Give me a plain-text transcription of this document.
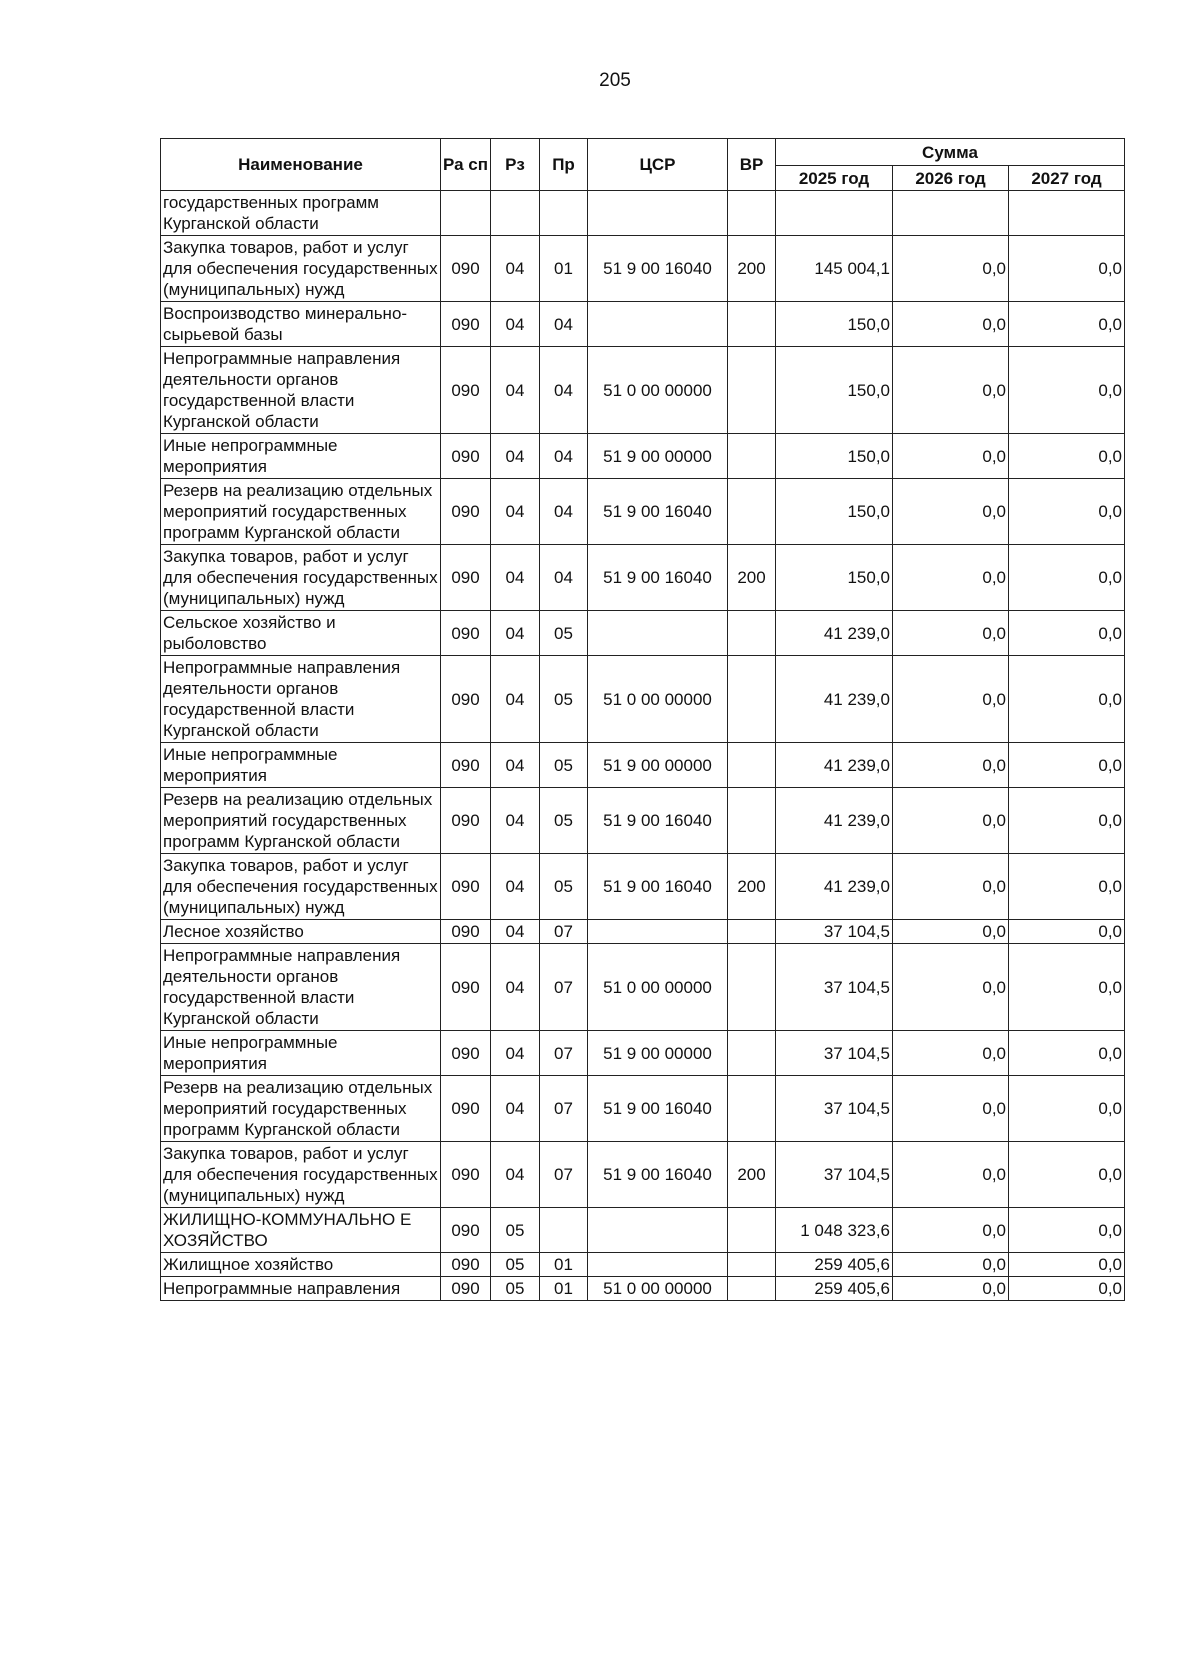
205
Наименование	Ра сп	Рз	Пр	ЦСР	ВР	Сумма		
						2025 год	2026 год	2027 год
государственных программ Курганской области								
Закупка товаров, работ и услуг для обеспечения государственных (муниципальных) нужд	090	04	01	51 9 00 16040	200	145 004,1	0,0	0,0
Воспроизводство минерально-сырьевой базы	090	04	04			150,0	0,0	0,0
Непрограммные направления деятельности органов государственной власти Курганской области	090	04	04	51 0 00 00000		150,0	0,0	0,0
Иные непрограммные мероприятия	090	04	04	51 9 00 00000		150,0	0,0	0,0
Резерв на реализацию отдельных мероприятий государственных программ Курганской области	090	04	04	51 9 00 16040		150,0	0,0	0,0
Закупка товаров, работ и услуг для обеспечения государственных (муниципальных) нужд	090	04	04	51 9 00 16040	200	150,0	0,0	0,0
Сельское хозяйство и рыболовство	090	04	05			41 239,0	0,0	0,0
Непрограммные направления деятельности органов государственной власти Курганской области	090	04	05	51 0 00 00000		41 239,0	0,0	0,0
Иные непрограммные мероприятия	090	04	05	51 9 00 00000		41 239,0	0,0	0,0
Резерв на реализацию отдельных мероприятий государственных программ Курганской области	090	04	05	51 9 00 16040		41 239,0	0,0	0,0
Закупка товаров, работ и услуг для обеспечения государственных (муниципальных) нужд	090	04	05	51 9 00 16040	200	41 239,0	0,0	0,0
Лесное хозяйство	090	04	07			37 104,5	0,0	0,0
Непрограммные направления деятельности органов государственной власти Курганской области	090	04	07	51 0 00 00000		37 104,5	0,0	0,0
Иные непрограммные мероприятия	090	04	07	51 9 00 00000		37 104,5	0,0	0,0
Резерв на реализацию отдельных мероприятий государственных программ Курганской области	090	04	07	51 9 00 16040		37 104,5	0,0	0,0
Закупка товаров, работ и услуг для обеспечения государственных (муниципальных) нужд	090	04	07	51 9 00 16040	200	37 104,5	0,0	0,0
ЖИЛИЩНО-КОММУНАЛЬНО Е ХОЗЯЙСТВО	090	05				1 048 323,6	0,0	0,0
Жилищное хозяйство	090	05	01			259 405,6	0,0	0,0
Непрограммные направления	090	05	01	51 0 00 00000		259 405,6	0,0	0,0
